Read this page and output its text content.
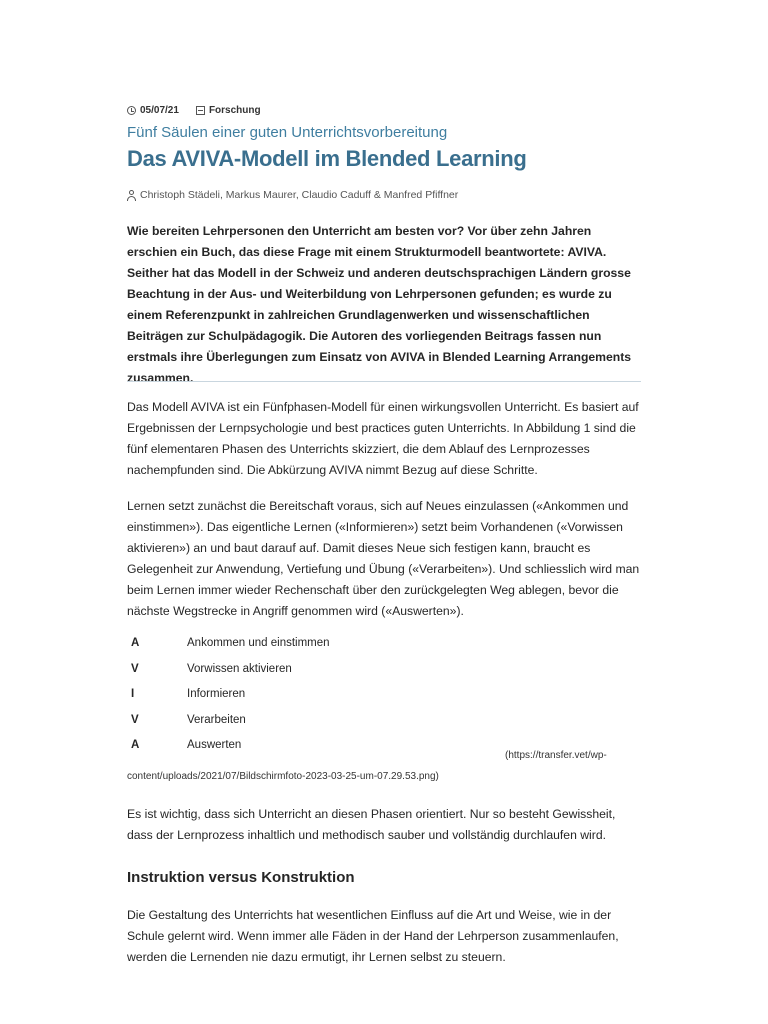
05/07/21	Forschung
Fünf Säulen einer guten Unterrichtsvorbereitung
Das AVIVA-Modell im Blended Learning
Christoph Städeli, Markus Maurer, Claudio Caduff & Manfred Pfiffner

Wie bereiten Lehrpersonen den Unterricht am besten vor? Vor über zehn Jahren erschien ein Buch, das diese Frage mit einem Strukturmodell beantwortete: AVIVA. Seither hat das Modell in der Schweiz und anderen deutschsprachigen Ländern grosse Beachtung in der Aus- und Weiterbildung von Lehrpersonen gefunden; es wurde zu einem Referenzpunkt in zahlreichen Grundlagenwerken und wissenschaftlichen Beiträgen zur Schulpädagogik. Die Autoren des vorliegenden Beitrags fassen nun erstmals ihre Überlegungen zum Einsatz von AVIVA in Blended Learning Arrangements zusammen.

Das Modell AVIVA ist ein Fünfphasen-Modell für einen wirkungsvollen Unterricht. Es basiert auf Ergebnissen der Lernpsychologie und best practices guten Unterrichts. In Abbildung 1 sind die fünf elementaren Phasen des Unterrichts skizziert, die dem Ablauf des Lernprozesses nachempfunden sind. Die Abkürzung AVIVA nimmt Bezug auf diese Schritte.

Lernen setzt zunächst die Bereitschaft voraus, sich auf Neues einzulassen («Ankommen und einstimmen»). Das eigentliche Lernen («Informieren») setzt beim Vorhandenen («Vorwissen aktivieren») an und baut darauf auf. Damit dieses Neue sich festigen kann, braucht es Gelegenheit zur Anwendung, Vertiefung und Übung («Verarbeiten»). Und schliesslich wird man beim Lernen immer wieder Rechenschaft über den zurückgelegten Weg ablegen, bevor die nächste Wegstrecke in Angriff genommen wird («Auswerten»).

A	Ankommen und einstimmen
V	Vorwissen aktivieren
I	Informieren
V	Verarbeiten
A	Auswerten
(https://transfer.vet/wp-
content/uploads/2021/07/Bildschirmfoto-2023-03-25-um-07.29.53.png)

Es ist wichtig, dass sich Unterricht an diesen Phasen orientiert. Nur so besteht Gewissheit, dass der Lernprozess inhaltlich und methodisch sauber und vollständig durchlaufen wird.

Instruktion versus Konstruktion

Die Gestaltung des Unterrichts hat wesentlichen Einfluss auf die Art und Weise, wie in der Schule gelernt wird. Wenn immer alle Fäden in der Hand der Lehrperson zusammenlaufen, werden die Lernenden nie dazu ermutigt, ihr Lernen selbst zu steuern.
